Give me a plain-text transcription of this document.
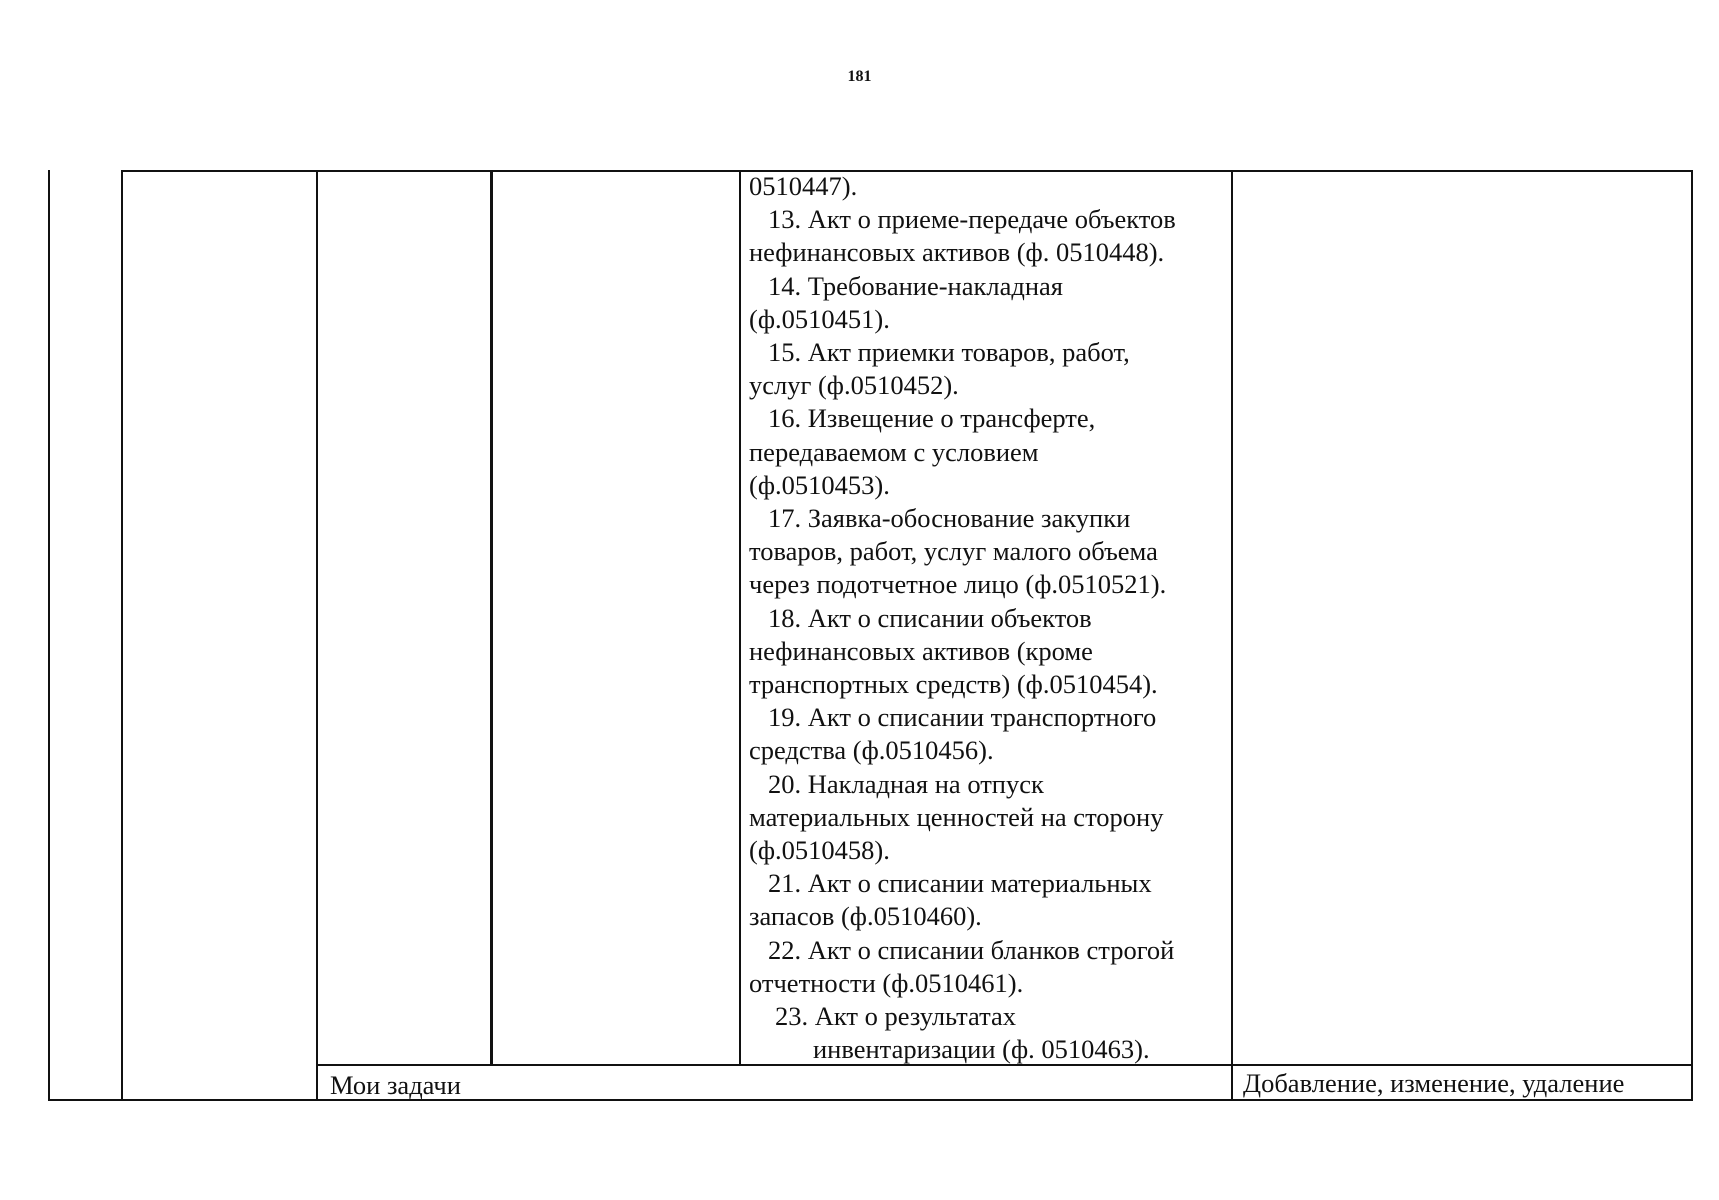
181
0510447).
13. Акт о приеме-передаче объектов
нефинансовых активов (ф. 0510448).
14. Требование-накладная
(ф.0510451).
15. Акт приемки товаров, работ,
услуг (ф.0510452).
16. Извещение о трансферте,
передаваемом с условием
(ф.0510453).
17. Заявка-обоснование закупки
товаров, работ, услуг малого объема
через подотчетное лицо (ф.0510521).
18. Акт о списании объектов
нефинансовых активов (кроме
транспортных средств) (ф.0510454).
19. Акт о списании транспортного
средства (ф.0510456).
20. Накладная на отпуск
материальных ценностей на сторону
(ф.0510458).
21. Акт о списании материальных
запасов (ф.0510460).
22. Акт о списании бланков строгой
отчетности (ф.0510461).
23. Акт о результатах
инвентаризации (ф. 0510463).
Мои задачи	Добавление, изменение, удаление
